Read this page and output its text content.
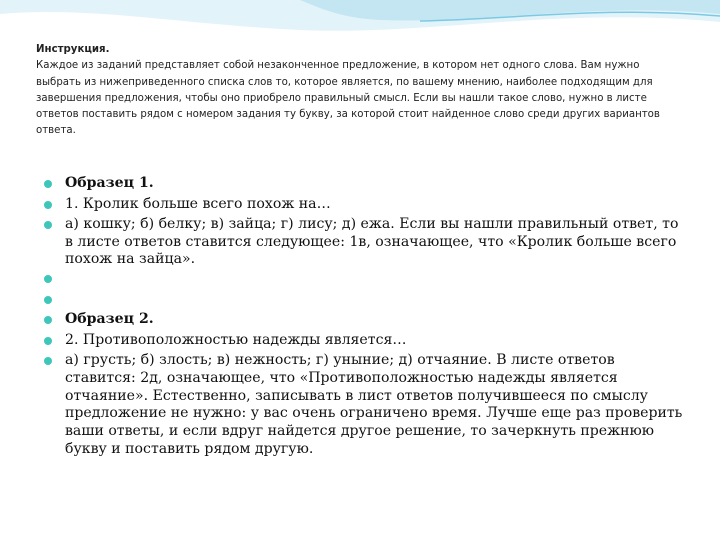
Инструкция.
Каждое из заданий представляет собой незаконченное предложение, в котором нет одного слова. Вам нужно выбрать из нижеприведенного списка слов то, которое является, по вашему мнению, наиболее подходящим для завершения предложения, чтобы оно приобрело правильный смысл. Если вы нашли такое слово, нужно в листе ответов поставить рядом с номером задания ту букву, за которой стоит найденное слово среди других вариантов ответа.
Образец 1.
1. Кролик больше всего похож на…
а) кошку; б) белку; в) зайца; г) лису; д) ежа. Если вы нашли правильный ответ, то в листе ответов ставится следующее: 1в, означающее, что «Кролик больше всего похож на зайца».
Образец 2.
2. Противоположностью надежды является…
а) грусть; б) злость; в) нежность; г) уныние; д) отчаяние. В листе ответов ставится: 2д, означающее, что «Противоположностью надежды является отчаяние». Естественно, записывать в лист ответов получившееся по смыслу предложение не нужно: у вас очень ограничено время. Лучше еще раз проверить ваши ответы, и если вдруг найдется другое решение, то зачеркнуть прежнюю букву и поставить рядом другую.
